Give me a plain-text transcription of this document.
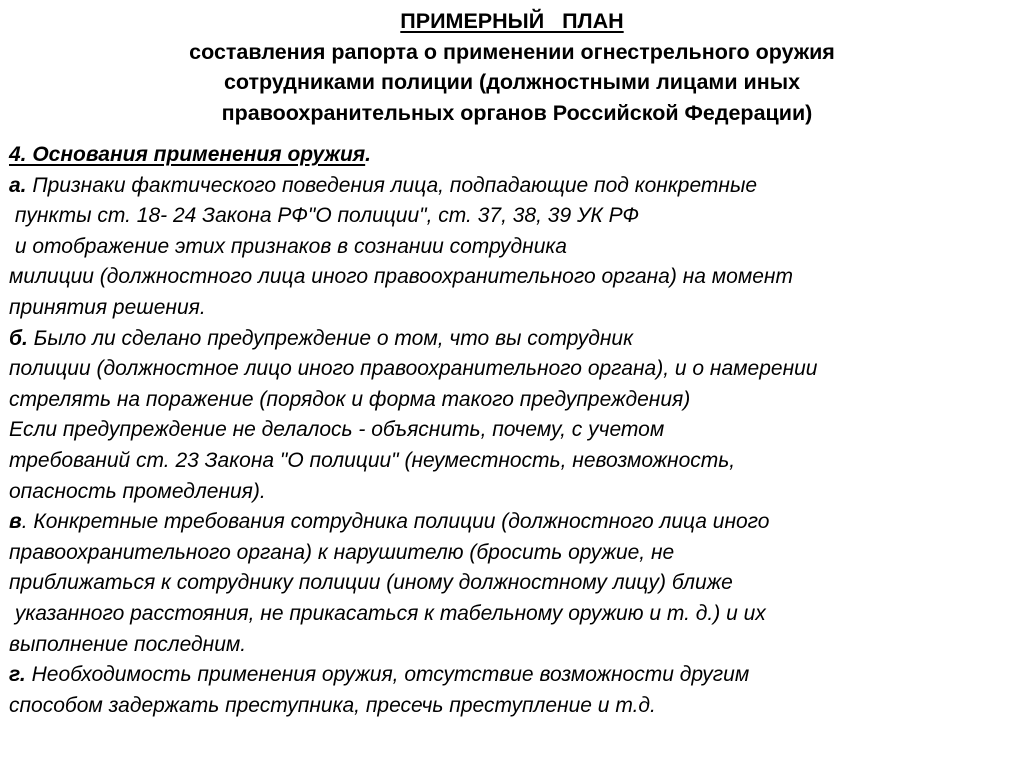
ПРИМЕРНЫЙ   ПЛАН
составления рапорта о применении огнестрельного оружия
сотрудниками полиции (должностными лицами иных
правоохранительных органов Российской Федерации)
4. Основания применения оружия.
а. Признаки фактического поведения лица, подпадающие под конкретные
пункты ст. 18- 24 Закона РФ"О полиции", ст. 37, 38, 39 УК РФ
и отображение этих признаков в сознании сотрудника
милиции (должностного лица иного правоохранительного органа) на момент
принятия решения.
б. Было ли сделано предупреждение о том, что вы сотрудник
полиции (должностное лицо иного правоохранительного органа), и о намерении
стрелять на поражение (порядок и форма такого предупреждения)
Если предупреждение не делалось - объяснить, почему, с учетом
требований ст. 23 Закона "О полиции" (неуместность, невозможность,
опасность промедления).
в. Конкретные требования сотрудника полиции (должностного лица иного
правоохранительного органа) к нарушителю (бросить оружие, не
приближаться к сотруднику полиции (иному должностному лицу) ближе
указанного расстояния, не прикасаться к табельному оружию и т. д.) и их
выполнение последним.
г. Необходимость применения оружия, отсутствие возможности другим
способом задержать преступника, пресечь преступление и т.д.
